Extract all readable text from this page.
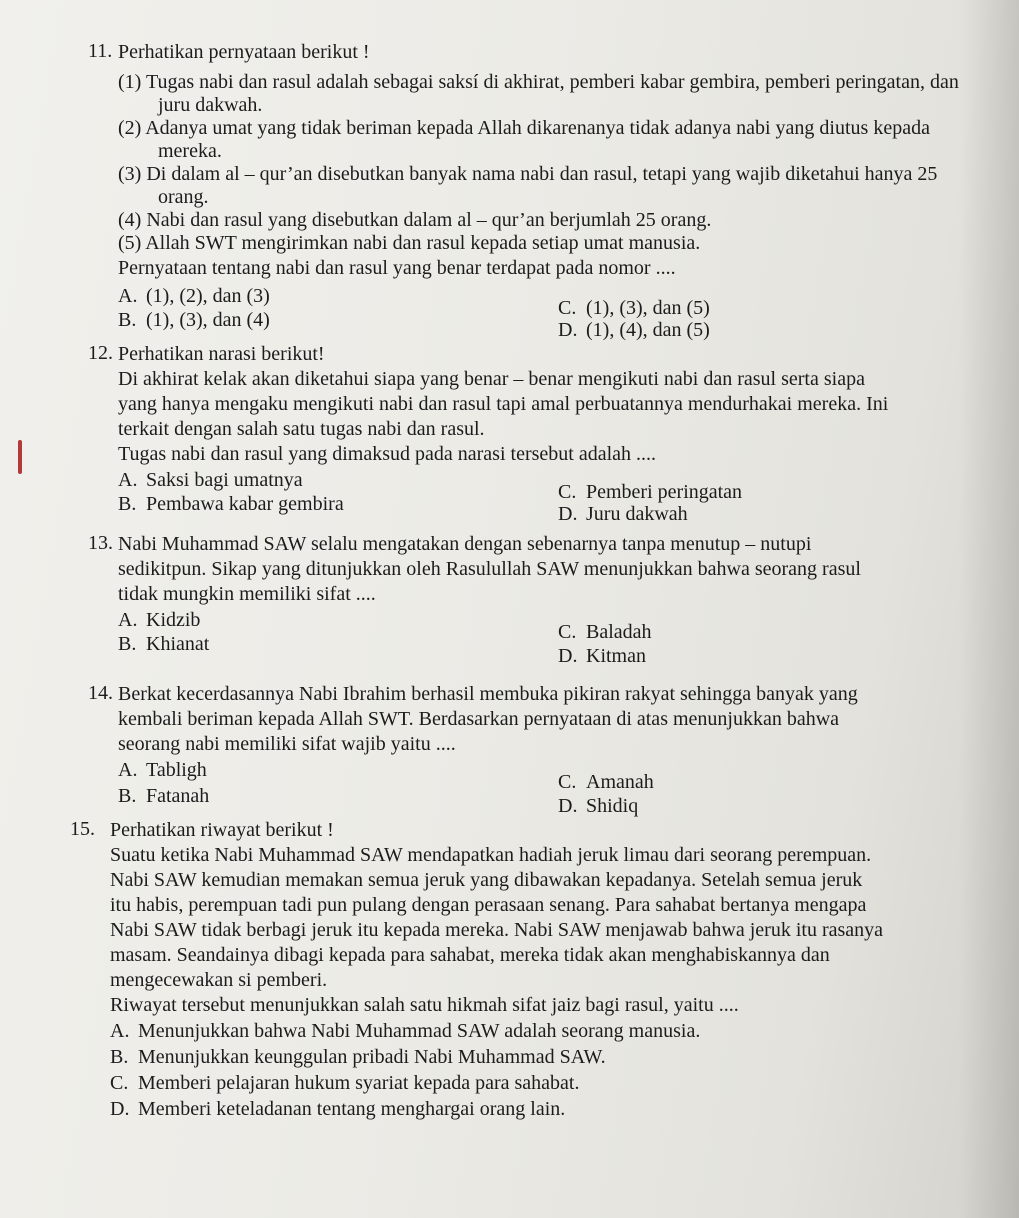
11. Perhatikan pernyataan berikut !
(1) Tugas nabi dan rasul adalah sebagai saksí di akhirat, pemberi kabar gembira, pemberi peringatan, dan juru dakwah.
(2) Adanya umat yang tidak beriman kepada Allah dikarenanya tidak adanya nabi yang diutus kepada mereka.
(3) Di dalam al – qur’an disebutkan banyak nama nabi dan rasul, tetapi yang wajib diketahui hanya 25 orang.
(4) Nabi dan rasul yang disebutkan dalam al – qur’an berjumlah 25 orang.
(5) Allah SWT mengirimkan nabi dan rasul kepada setiap umat manusia.
Pernyataan tentang nabi dan rasul yang benar terdapat pada nomor ....
A. (1), (2), dan (3)
B. (1), (3), dan (4)
C. (1), (3), dan (5)
D. (1), (4), dan (5)
12. Perhatikan narasi berikut!
Di akhirat kelak akan diketahui siapa yang benar – benar mengikuti nabi dan rasul serta siapa
yang hanya mengaku mengikuti nabi dan rasul tapi amal perbuatannya mendurhakai mereka. Ini
terkait dengan salah satu tugas nabi dan rasul.
Tugas nabi dan rasul yang dimaksud pada narasi tersebut adalah ....
A. Saksi bagi umatnya
B. Pembawa kabar gembira
C. Pemberi peringatan
D. Juru dakwah
13. Nabi Muhammad SAW selalu mengatakan dengan sebenarnya tanpa menutup – nutupi
sedikitpun. Sikap yang ditunjukkan oleh Rasulullah SAW menunjukkan bahwa seorang rasul
tidak mungkin memiliki sifat ....
A. Kidzib
B. Khianat
C. Baladah
D. Kitman
14. Berkat kecerdasannya Nabi Ibrahim berhasil membuka pikiran rakyat sehingga banyak yang
kembali beriman kepada Allah SWT. Berdasarkan pernyataan di atas menunjukkan bahwa
seorang nabi memiliki sifat wajib yaitu ....
A. Tabligh
B. Fatanah
C. Amanah
D. Shidiq
15. Perhatikan riwayat berikut !
Suatu ketika Nabi Muhammad SAW mendapatkan hadiah jeruk limau dari seorang perempuan.
Nabi SAW kemudian memakan semua jeruk yang dibawakan kepadanya. Setelah semua jeruk
itu habis, perempuan tadi pun pulang dengan perasaan senang. Para sahabat bertanya mengapa
Nabi SAW tidak berbagi jeruk itu kepada mereka. Nabi SAW menjawab bahwa jeruk itu rasanya
masam. Seandainya dibagi kepada para sahabat, mereka tidak akan menghabiskannya dan
mengecewakan si pemberi.
Riwayat tersebut menunjukkan salah satu hikmah sifat jaiz bagi rasul, yaitu ....
A. Menunjukkan bahwa Nabi Muhammad SAW adalah seorang manusia.
B. Menunjukkan keunggulan pribadi Nabi Muhammad SAW.
C. Memberi pelajaran hukum syariat kepada para sahabat.
D. Memberi keteladanan tentang menghargai orang lain.
